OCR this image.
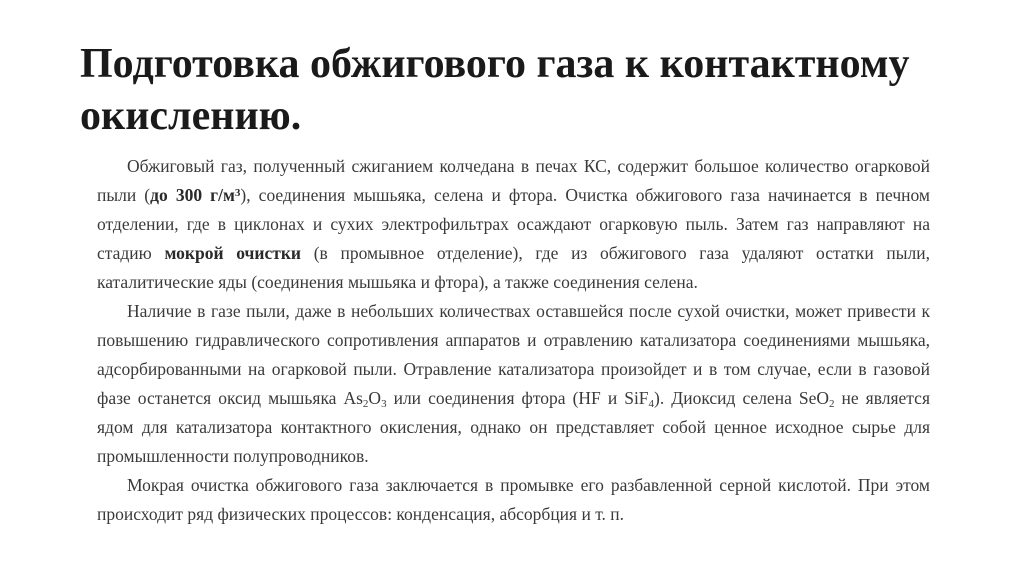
Подготовка обжигового газа к контактному окислению.

Обжиговый газ, полученный сжиганием колчедана в печах КС, содержит большое количество огарковой пыли (до 300 $г/м^3$), соединения мышьяка, селена и фтора. Очистка обжигового газа начинается в печном отделении, где в циклонах и сухих электрофильтрах осаждают огарковую пыль. Затем газ направляют на стадию мокрой очистки (в промывное отделение), где из обжигового газа удаляют остатки пыли, каталитические яды (соединения мышьяка и фтора), а также соединения селена.

Наличие в газе пыли, даже в небольших количествах оставшейся после сухой очистки, может привести к повышению гидравлического сопротивления аппаратов и отравлению катализатора соединениями мышьяка, адсорбированными на огарковой пыли. Отравление катализатора произойдет и в том случае, если в газовой фазе останется оксид мышьяка $As_2O_3$ или соединения фтора (HF и SiF$_4$). Диоксид селена SeO$_2$ не является ядом для катализатора контактного окисления, однако он представляет собой ценное исходное сырье для промышленности полупроводников.

Мокрая очистка обжигового газа заключается в промывке его разбавленной серной кислотой. При этом происходит ряд физических процессов: конденсация, абсорбция и т. п.
